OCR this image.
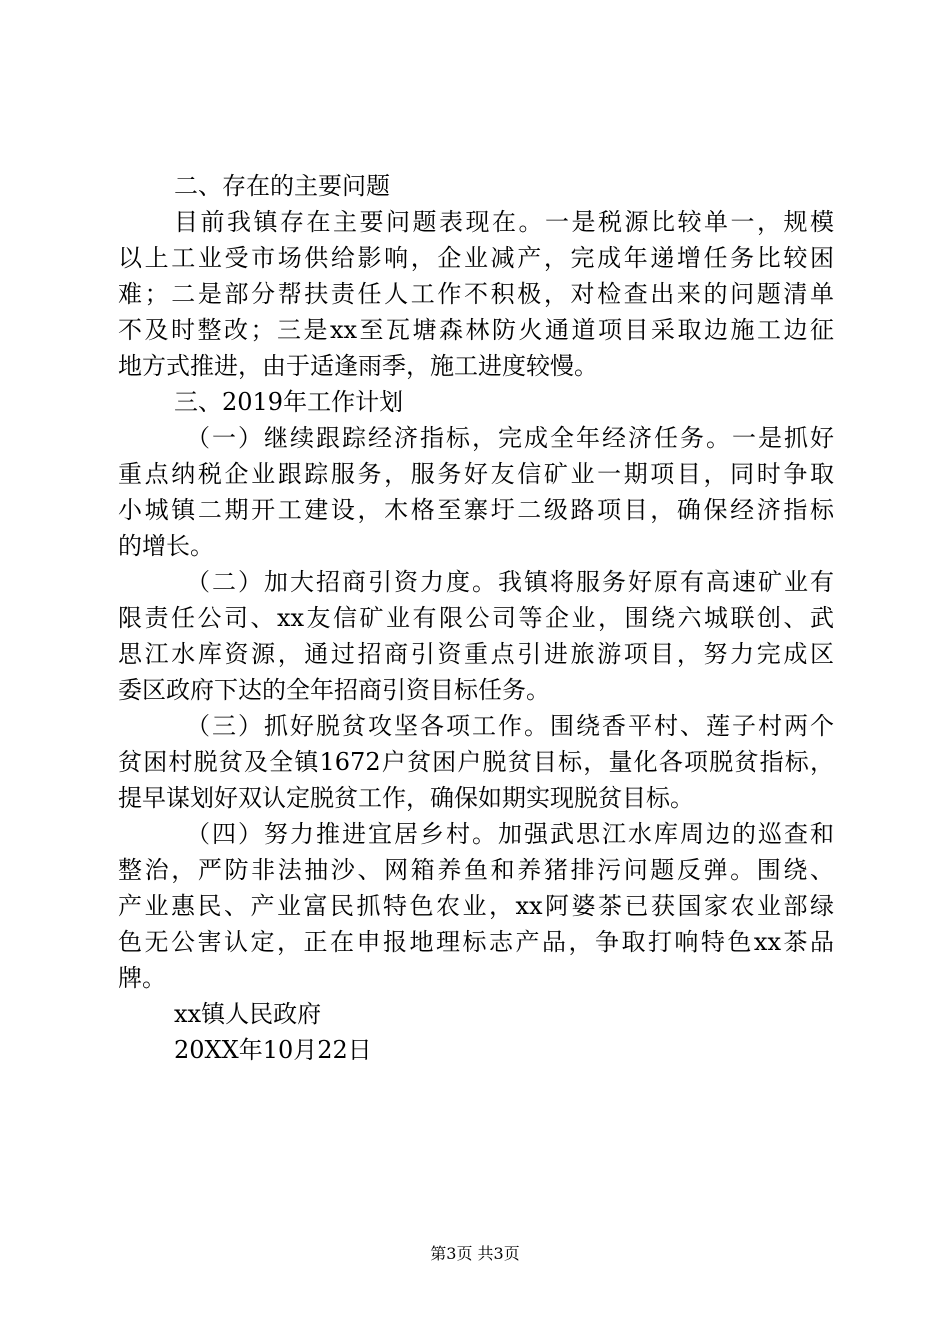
二、存在的主要问题
目前我镇存在主要问题表现在。一是税源比较单一，规模
以上工业受市场供给影响，企业减产，完成年递增任务比较困
难；二是部分帮扶责任人工作不积极，对检查出来的问题清单
不及时整改；三是xx至瓦塘森林防火通道项目采取边施工边征
地方式推进，由于适逢雨季，施工进度较慢。
三、2019年工作计划
（一）继续跟踪经济指标，完成全年经济任务。一是抓好
重点纳税企业跟踪服务，服务好友信矿业一期项目，同时争取
小城镇二期开工建设，木格至寨圩二级路项目，确保经济指标
的增长。
（二）加大招商引资力度。我镇将服务好原有高速矿业有
限责任公司、xx友信矿业有限公司等企业，围绕六城联创、武
思江水库资源，通过招商引资重点引进旅游项目，努力完成区
委区政府下达的全年招商引资目标任务。
（三）抓好脱贫攻坚各项工作。围绕香平村、莲子村两个
贫困村脱贫及全镇1672户贫困户脱贫目标，量化各项脱贫指标，
提早谋划好双认定脱贫工作，确保如期实现脱贫目标。
（四）努力推进宜居乡村。加强武思江水库周边的巡查和
整治，严防非法抽沙、网箱养鱼和养猪排污问题反弹。围绕、
产业惠民、产业富民抓特色农业，xx阿婆茶已获国家农业部绿
色无公害认定，正在申报地理标志产品，争取打响特色xx茶品
牌。
xx镇人民政府
20XX年10月22日
第3页 共3页
